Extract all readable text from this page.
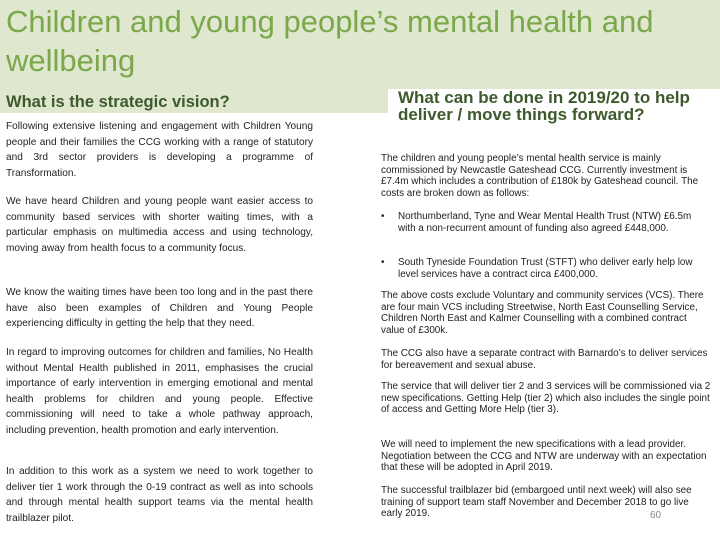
Children and young people’s mental health and wellbeing
What is the strategic vision?
Following extensive listening and engagement with Children Young people and their families the CCG working with a range of statutory and 3rd sector providers is developing a programme of Transformation.
We have heard Children and young people want easier access to community based services with shorter waiting times, with a particular emphasis on multimedia access and using technology, moving away from health focus to a community focus.
We know the waiting times have been too long and in the past there have also been examples of Children and Young People experiencing difficulty in getting the help that they need.
In regard to improving outcomes for children and families, No Health without Mental Health published in 2011, emphasises the crucial importance of early intervention in emerging emotional and mental health problems for children and young people. Effective commissioning will need to take a whole pathway approach, including prevention, health promotion and early intervention.
In addition to this work as a system we need to work together to deliver tier 1 work through the 0-19 contract as well as into schools and through mental health support teams via the mental health trailblazer pilot.
What can be done in 2019/20 to help deliver / move things forward?
The children and young people’s mental health service is mainly commissioned by Newcastle Gateshead CCG. Currently investment is £7.4m which includes a contribution of £180k by Gateshead council. The costs are broken down as follows:
• Northumberland, Tyne and Wear Mental Health Trust (NTW) £6.5m with a non-recurrent amount of funding also agreed £448,000.
• South Tyneside Foundation Trust (STFT) who deliver early help low level services have a contract circa £400,000.
The above costs exclude Voluntary and community services (VCS). There are four main VCS including Streetwise, North East Counselling Service, Children North East and Kalmer Counselling with a combined contract value of £300k.
The CCG also have a separate contract with Barnardo’s to deliver services for bereavement and sexual abuse.
The service that will deliver tier 2 and 3 services will be commissioned via 2 new specifications. Getting Help (tier 2) which also includes the single point of access and Getting More Help (tier 3).
We will need to implement the new specifications with a lead provider. Negotiation between the CCG and NTW are underway with an expectation that these will be adopted in April 2019.
The successful trailblazer bid (embargoed until next week) will also see training of support team staff November and December 2018 to go live early 2019.	60
